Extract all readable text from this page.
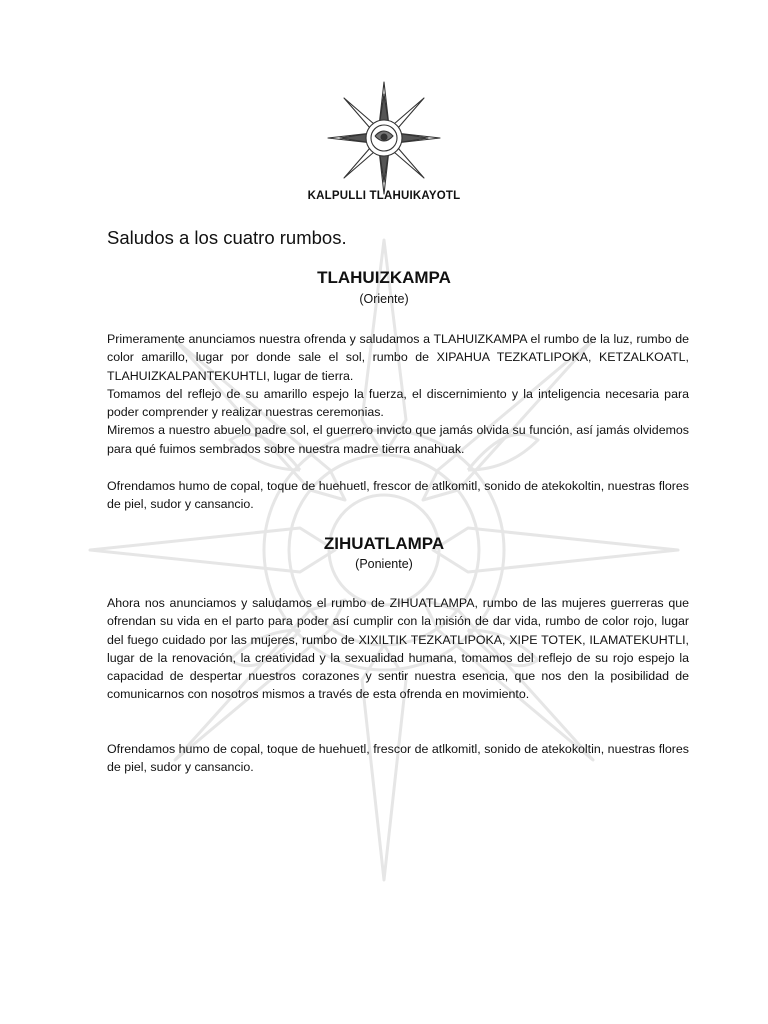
KALPULLI TLAHUIKAYOTL
Saludos a los cuatro rumbos.
TLAHUIZKAMPA
(Oriente)

Primeramente anunciamos nuestra ofrenda y saludamos a TLAHUIZKAMPA el rumbo de la luz, rumbo de color amarillo, lugar por donde sale el sol, rumbo de XIPAHUA TEZKATLIPOKA, KETZALKOATL, TLAHUIZKALPANTEKUHTLI, lugar de tierra.

Tomamos del reflejo de su amarillo espejo la fuerza, el discernimiento y la inteligencia necesaria para poder comprender y realizar nuestras ceremonias.

Miremos a nuestro abuelo padre sol, el guerrero invicto que jamás olvida su función, así jamás olvidemos para qué fuimos sembrados sobre nuestra madre tierra anahuak.

Ofrendamos humo de copal, toque de huehuetl, frescor de atlkomitl, sonido de atekokoltin, nuestras flores de piel, sudor y cansancio.

ZIHUATLAMPA
(Poniente)

Ahora nos anunciamos y saludamos el rumbo de ZIHUATLAMPA, rumbo de las mujeres guerreras que ofrendan su vida en el parto para poder así cumplir con la misión de dar vida, rumbo de color rojo, lugar del fuego cuidado por las mujeres, rumbo de XIXILTIK TEZKATLIPOKA, XIPE TOTEK, ILAMATEKUHTLI, lugar de la renovación, la creatividad y la sexualidad humana, tomamos del reflejo de su rojo espejo la capacidad de despertar nuestros corazones y sentir nuestra esencia, que nos den la posibilidad de comunicarnos con nosotros mismos a través de esta ofrenda en movimiento.

Ofrendamos humo de copal, toque de huehuetl, frescor de atlkomitl, sonido de atekokoltin, nuestras flores de piel, sudor y cansancio.
